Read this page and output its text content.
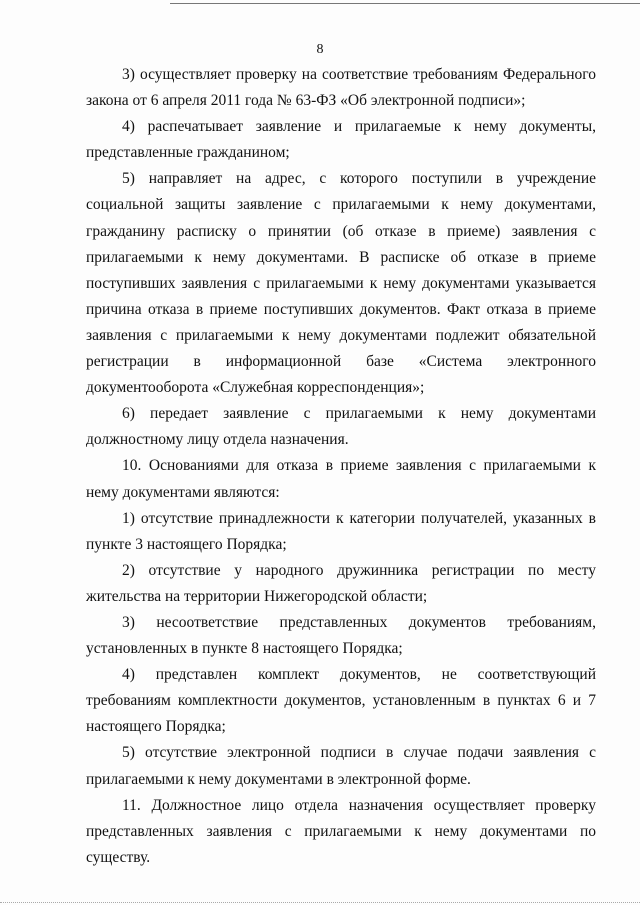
8

3) осуществляет проверку на соответствие требованиям Федерального закона от 6 апреля 2011 года № 63-ФЗ «Об электронной подписи»;

4) распечатывает заявление и прилагаемые к нему документы, представленные гражданином;

5) направляет на адрес, с которого поступили в учреждение социальной защиты заявление с прилагаемыми к нему документами, гражданину расписку о принятии (об отказе в приеме) заявления с прилагаемыми к нему документами. В расписке об отказе в приеме поступивших заявления с прилагаемыми к нему документами указывается причина отказа в приеме поступивших документов. Факт отказа в приеме заявления с прилагаемыми к нему документами подлежит обязательной регистрации в информационной базе «Система электронного документооборота «Служебная корреспонденция»;

6) передает заявление с прилагаемыми к нему документами должностному лицу отдела назначения.

10. Основаниями для отказа в приеме заявления с прилагаемыми к нему документами являются:

1) отсутствие принадлежности к категории получателей, указанных в пункте 3 настоящего Порядка;

2) отсутствие у народного дружинника регистрации по месту жительства на территории Нижегородской области;

3) несоответствие представленных документов требованиям, установленных в пункте 8 настоящего Порядка;

4) представлен комплект документов, не соответствующий требованиям комплектности документов, установленным в пунктах 6 и 7 настоящего Порядка;

5) отсутствие электронной подписи в случае подачи заявления с прилагаемыми к нему документами в электронной форме.

11. Должностное лицо отдела назначения осуществляет проверку представленных заявления с прилагаемыми к нему документами по существу.
